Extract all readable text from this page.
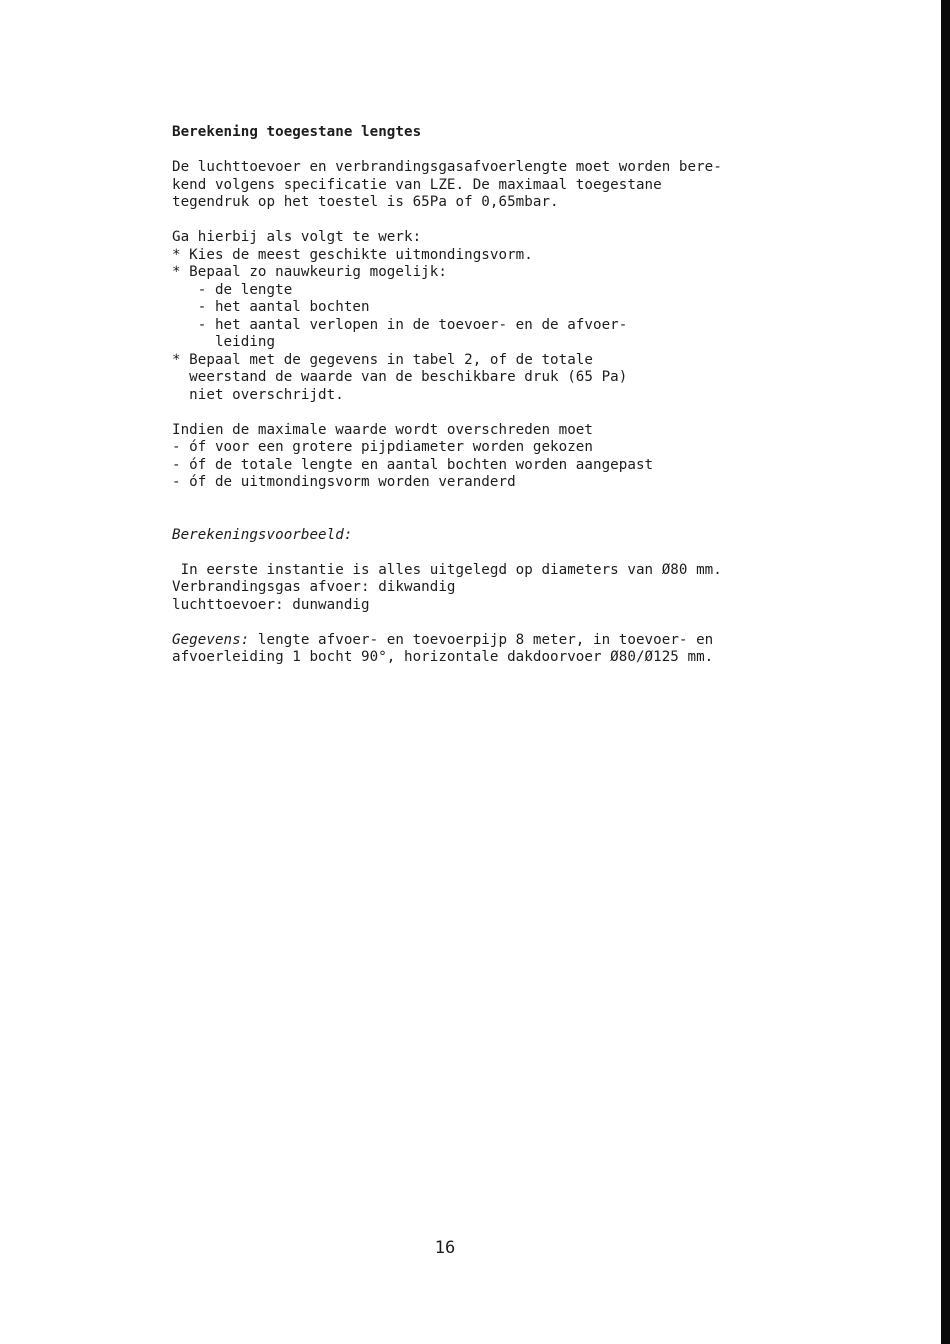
Berekening toegestane lengtes
De luchttoevoer en verbrandingsgasafvoerlengte moet worden bere-
kend volgens specificatie van LZE. De maximaal toegestane
tegendruk op het toestel is 65Pa of 0,65mbar.
Ga hierbij als volgt te werk:
* Kies de meest geschikte uitmondingsvorm.
* Bepaal zo nauwkeurig mogelijk:
- de lengte
- het aantal bochten
- het aantal verlopen in de toevoer- en de afvoer-
leiding
* Bepaal met de gegevens in tabel 2, of de totale
weerstand de waarde van de beschikbare druk (65 Pa)
niet overschrijdt.
Indien de maximale waarde wordt overschreden moet
- óf voor een grotere pijpdiameter worden gekozen
- óf de totale lengte en aantal bochten worden aangepast
- óf de uitmondingsvorm worden veranderd
Berekeningsvoorbeeld:
In eerste instantie is alles uitgelegd op diameters van Ø80 mm.
Verbrandingsgas afvoer: dikwandig
luchttoevoer: dunwandig
Gegevens: lengte afvoer- en toevoerpijp 8 meter, in toevoer- en
afvoerleiding 1 bocht 90°, horizontale dakdoorvoer Ø80/Ø125 mm.
16
